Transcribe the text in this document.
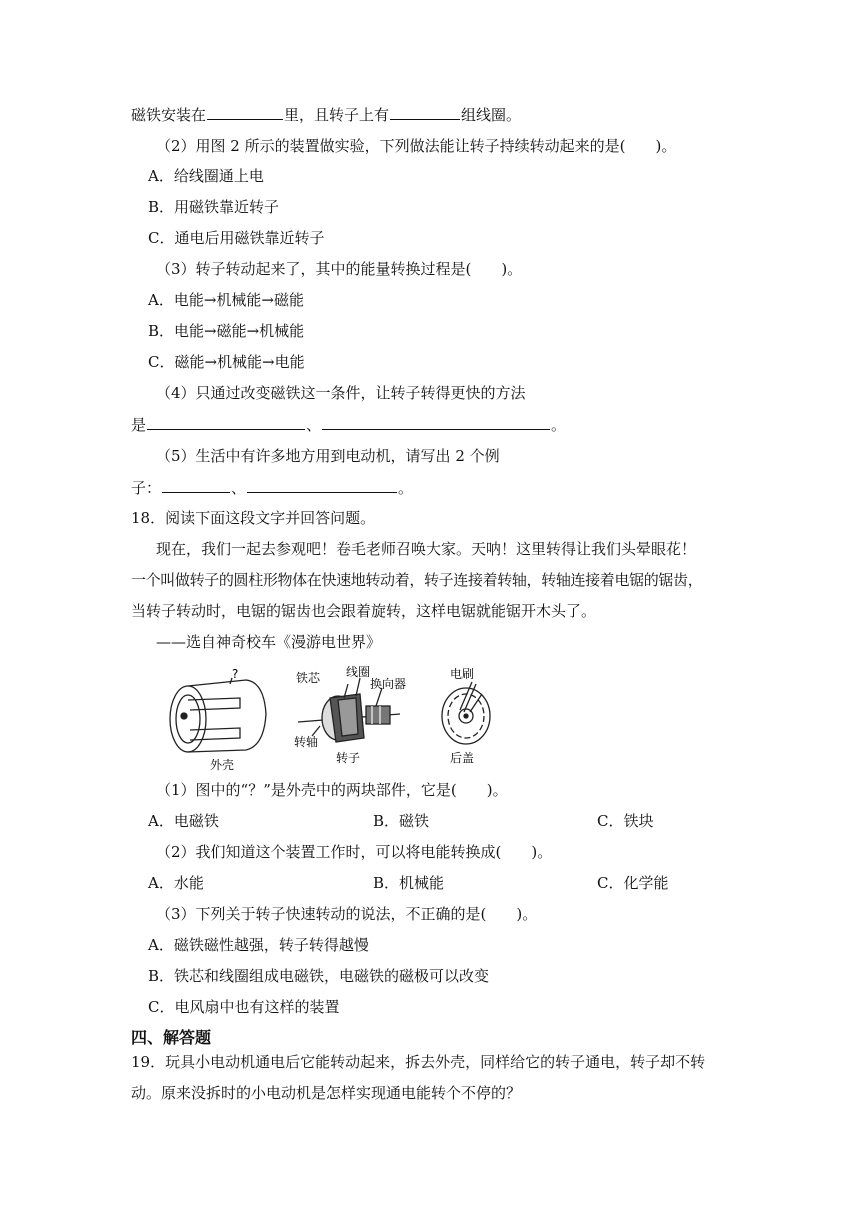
磁铁安装在	里，且转子上有	组线圈。
（2）用图 2 所示的装置做实验，下列做法能让转子持续转动起来的是(　　)。
A．给线圈通上电
B．用磁铁靠近转子
C．通电后用磁铁靠近转子
（3）转子转动起来了，其中的能量转换过程是(　　)。
A．电能→机械能→磁能
B．电能→磁能→机械能
C．磁能→机械能→电能
（4）只通过改变磁铁这一条件，让转子转得更快的方法
是	、	。
（5）生活中有许多地方用到电动机，请写出 2 个例
子：	、	。
18．阅读下面这段文字并回答问题。
现在，我们一起去参观吧！卷毛老师召唤大家。天呐！这里转得让我们头晕眼花！
一个叫做转子的圆柱形物体在快速地转动着，转子连接着转轴，转轴连接着电锯的锯齿，
当转子转动时，电锯的锯齿也会跟着旋转，这样电锯就能锯开木头了。
——选自神奇校车《漫游电世界》
?
外壳
铁芯 线圈
换向器
转轴
转子
电刷
后盖
（1）图中的“？”是外壳中的两块部件，它是(　　)。
A．电磁铁	B．磁铁	C．铁块
（2）我们知道这个装置工作时，可以将电能转换成(　　)。
A．水能	B．机械能	C．化学能
（3）下列关于转子快速转动的说法，不正确的是(　　)。
A．磁铁磁性越强，转子转得越慢
B．铁芯和线圈组成电磁铁，电磁铁的磁极可以改变
C．电风扇中也有这样的装置
四、解答题
19．玩具小电动机通电后它能转动起来，拆去外壳，同样给它的转子通电，转子却不转
动。原来没拆时的小电动机是怎样实现通电能转个不停的？
